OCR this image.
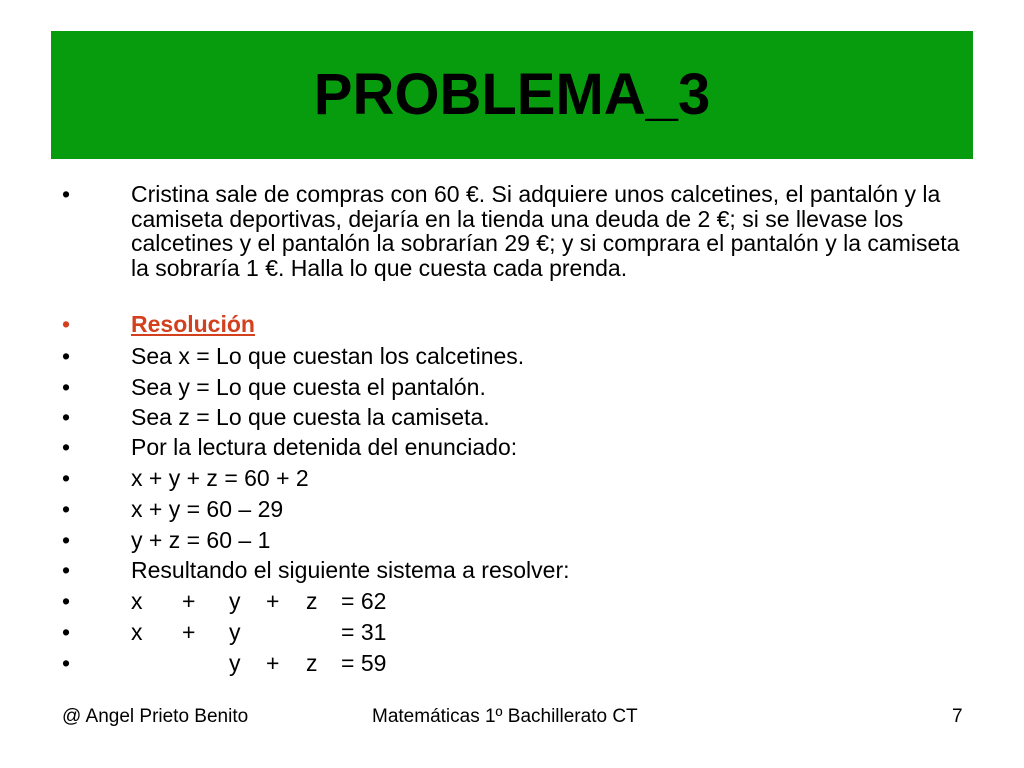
PROBLEMA_3
•	Cristina sale de compras con 60 €. Si adquiere unos calcetines, el pantalón y la camiseta deportivas, dejaría en la tienda una deuda de 2 €; si se llevase los calcetines y el pantalón la sobrarían 29 €; y si comprara el pantalón y la camiseta la sobraría 1 €. Halla lo que cuesta cada prenda.
•	Resolución
•	Sea x = Lo que cuestan los calcetines.
•	Sea y = Lo que cuesta el pantalón.
•	Sea z = Lo que cuesta la camiseta.
•	Por la lectura detenida del enunciado:
•	x + y + z = 60 + 2
•	x + y = 60 – 29
•	y + z = 60 – 1
•	Resultando el siguiente sistema a resolver:
•	x + y + z = 62
•	x + y	= 31
•	y + z = 59
@ Angel Prieto Benito	Matemáticas 1º Bachillerato CT	7
